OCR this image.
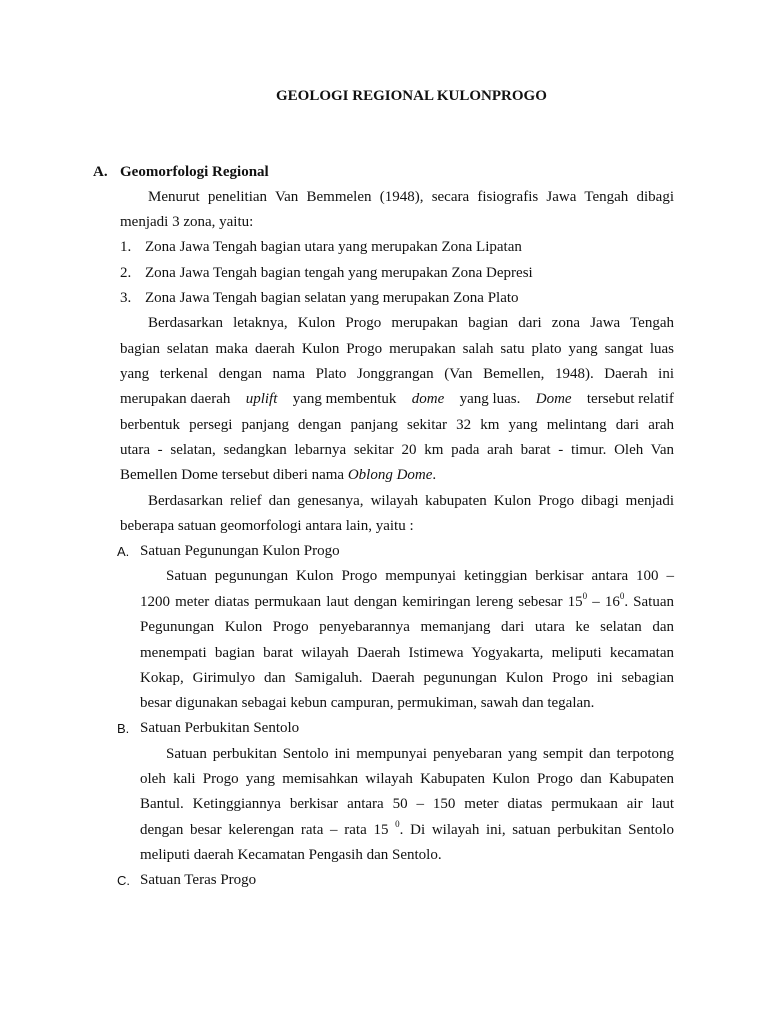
GEOLOGI REGIONAL KULONPROGO
A. Geomorfologi Regional
Menurut penelitian Van Bemmelen (1948), secara fisiografis Jawa Tengah dibagi
menjadi 3 zona, yaitu:
1. Zona Jawa Tengah bagian utara yang merupakan Zona Lipatan
2. Zona Jawa Tengah bagian tengah yang merupakan Zona Depresi
3. Zona Jawa Tengah bagian selatan yang merupakan Zona Plato
Berdasarkan letaknya, Kulon Progo merupakan bagian dari zona Jawa Tengah
bagian selatan maka daerah Kulon Progo merupakan salah satu plato yang sangat luas
yang terkenal dengan nama Plato Jonggrangan (Van Bemellen, 1948). Daerah ini
merupakan daerah uplift yang membentuk dome yang luas. Dome tersebut relatif
berbentuk persegi panjang dengan panjang sekitar 32 km yang melintang dari arah
utara - selatan, sedangkan lebarnya sekitar 20 km pada arah barat - timur. Oleh Van
Bemellen Dome tersebut diberi nama Oblong Dome.
Berdasarkan relief dan genesanya, wilayah kabupaten Kulon Progo dibagi menjadi
beberapa satuan geomorfologi antara lain, yaitu :
A. Satuan Pegunungan Kulon Progo
Satuan pegunungan Kulon Progo mempunyai ketinggian berkisar antara 100 –
1200 meter diatas permukaan laut dengan kemiringan lereng sebesar $15^0 - 16^0$. Satuan
Pegunungan Kulon Progo penyebarannya memanjang dari utara ke selatan dan
menempati bagian barat wilayah Daerah Istimewa Yogyakarta, meliputi kecamatan
Kokap, Girimulyo dan Samigaluh. Daerah pegunungan Kulon Progo ini sebagian
besar digunakan sebagai kebun campuran, permukiman, sawah dan tegalan.
B. Satuan Perbukitan Sentolo
Satuan perbukitan Sentolo ini mempunyai penyebaran yang sempit dan terpotong
oleh kali Progo yang memisahkan wilayah Kabupaten Kulon Progo dan Kabupaten
Bantul. Ketinggiannya berkisar antara 50 – 150 meter diatas permukaan air laut
dengan besar kelerengan rata – rata 15 $^0$. Di wilayah ini, satuan perbukitan Sentolo
meliputi daerah Kecamatan Pengasih dan Sentolo.
C. Satuan Teras Progo
